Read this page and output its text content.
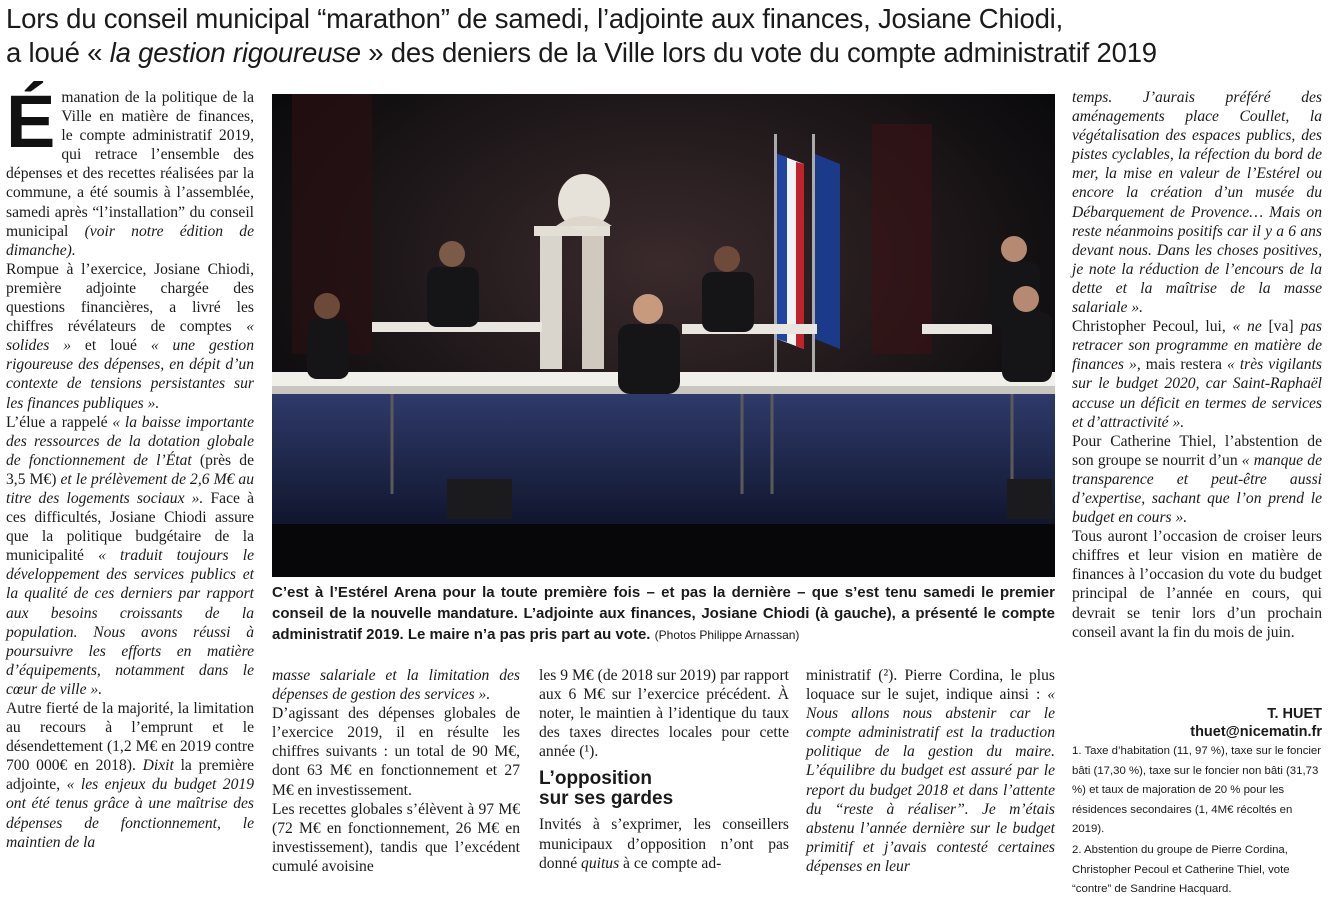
Lors du conseil municipal “marathon” de samedi, l’adjointe aux finances, Josiane Chiodi,
a loué « la gestion rigoureuse » des deniers de la Ville lors du vote du compte administratif 2019

Émanation de la politique de la Ville en matière de finances, le compte administratif 2019, qui retrace l’ensemble des dépenses et des recettes réalisées par la commune, a été soumis à l’assemblée, samedi après “l’installation” du conseil municipal (voir notre édition de dimanche).

Rompue à l’exercice, Josiane Chiodi, première adjointe chargée des questions financières, a livré les chiffres révélateurs de comptes « solides » et loué « une gestion rigoureuse des dépenses, en dépit d’un contexte de tensions persistantes sur les finances publiques ».

L’élue a rappelé « la baisse importante des ressources de la dotation globale de fonctionnement de l’État (près de 3,5 M€) et le prélèvement de 2,6 M€ au titre des logements sociaux ». Face à ces difficultés, Josiane Chiodi assure que la politique budgétaire de la municipalité « traduit toujours le développement des services publics et la qualité de ces derniers par rapport aux besoins croissants de la population. Nous avons réussi à poursuivre les efforts en matière d’équipements, notamment dans le cœur de ville ».

Autre fierté de la majorité, la limitation au recours à l’emprunt et le désendettement (1,2 M€ en 2019 contre 700 000€ en 2018). Dixit la première adjointe, « les enjeux du budget 2019 ont été tenus grâce à une maîtrise des dépenses de fonctionnement, le maintien de la

C’est à l’Estérel Arena pour la toute première fois – et pas la dernière – que s’est tenu samedi le premier conseil de la nouvelle mandature. L’adjointe aux finances, Josiane Chiodi (à gauche), a présenté le compte administratif 2019. Le maire n’a pas pris part au vote. (Photos Philippe Arnassan)

masse salariale et la limitation des dépenses de gestion des services ».

D’agissant des dépenses globales de l’exercice 2019, il en résulte les chiffres suivants : un total de 90 M€, dont 63 M€ en fonctionnement et 27 M€ en investissement.

Les recettes globales s’élèvent à 97 M€ (72 M€ en fonctionnement, 26 M€ en investissement), tandis que l’excédent cumulé avoisine

les 9 M€ (de 2018 sur 2019) par rapport aux 6 M€ sur l’exercice précédent. À noter, le maintien à l’identique du taux des taxes directes locales pour cette année (¹).

L’opposition
sur ses gardes

Invités à s’exprimer, les conseillers municipaux d’opposition n’ont pas donné quitus à ce compte ad-

ministratif (²). Pierre Cordina, le plus loquace sur le sujet, indique ainsi : « Nous allons nous abstenir car le compte administratif est la traduction politique de la gestion du maire. L’équilibre du budget est assuré par le report du budget 2018 et dans l’attente du “reste à réaliser”. Je m’étais abstenu l’année dernière sur le budget primitif et j’avais contesté certaines dépenses en leur

temps. J’aurais préféré des aménagements place Coullet, la végétalisation des espaces publics, des pistes cyclables, la réfection du bord de mer, la mise en valeur de l’Estérel ou encore la création d’un musée du Débarquement de Provence… Mais on reste néanmoins positifs car il y a 6 ans devant nous. Dans les choses positives, je note la réduction de l’encours de la dette et la maîtrise de la masse salariale ».

Christopher Pecoul, lui, « ne [va] pas retracer son programme en matière de finances », mais restera « très vigilants sur le budget 2020, car Saint-Raphaël accuse un déficit en termes de services et d’attractivité ».

Pour Catherine Thiel, l’abstention de son groupe se nourrit d’un « manque de transparence et peut-être aussi d’expertise, sachant que l’on prend le budget en cours ».

Tous auront l’occasion de croiser leurs chiffres et leur vision en matière de finances à l’occasion du vote du budget principal de l’année en cours, qui devrait se tenir lors d’un prochain conseil avant la fin du mois de juin.

T. HUET
thuet@nicematin.fr

1. Taxe d’habitation (11, 97 %), taxe sur le foncier bâti (17,30 %), taxe sur le foncier non bâti (31,73 %) et taux de majoration de 20 % pour les résidences secondaires (1, 4M€ récoltés en 2019).

2. Abstention du groupe de Pierre Cordina, Christopher Pecoul et Catherine Thiel, vote “contre” de Sandrine Hacquard.
